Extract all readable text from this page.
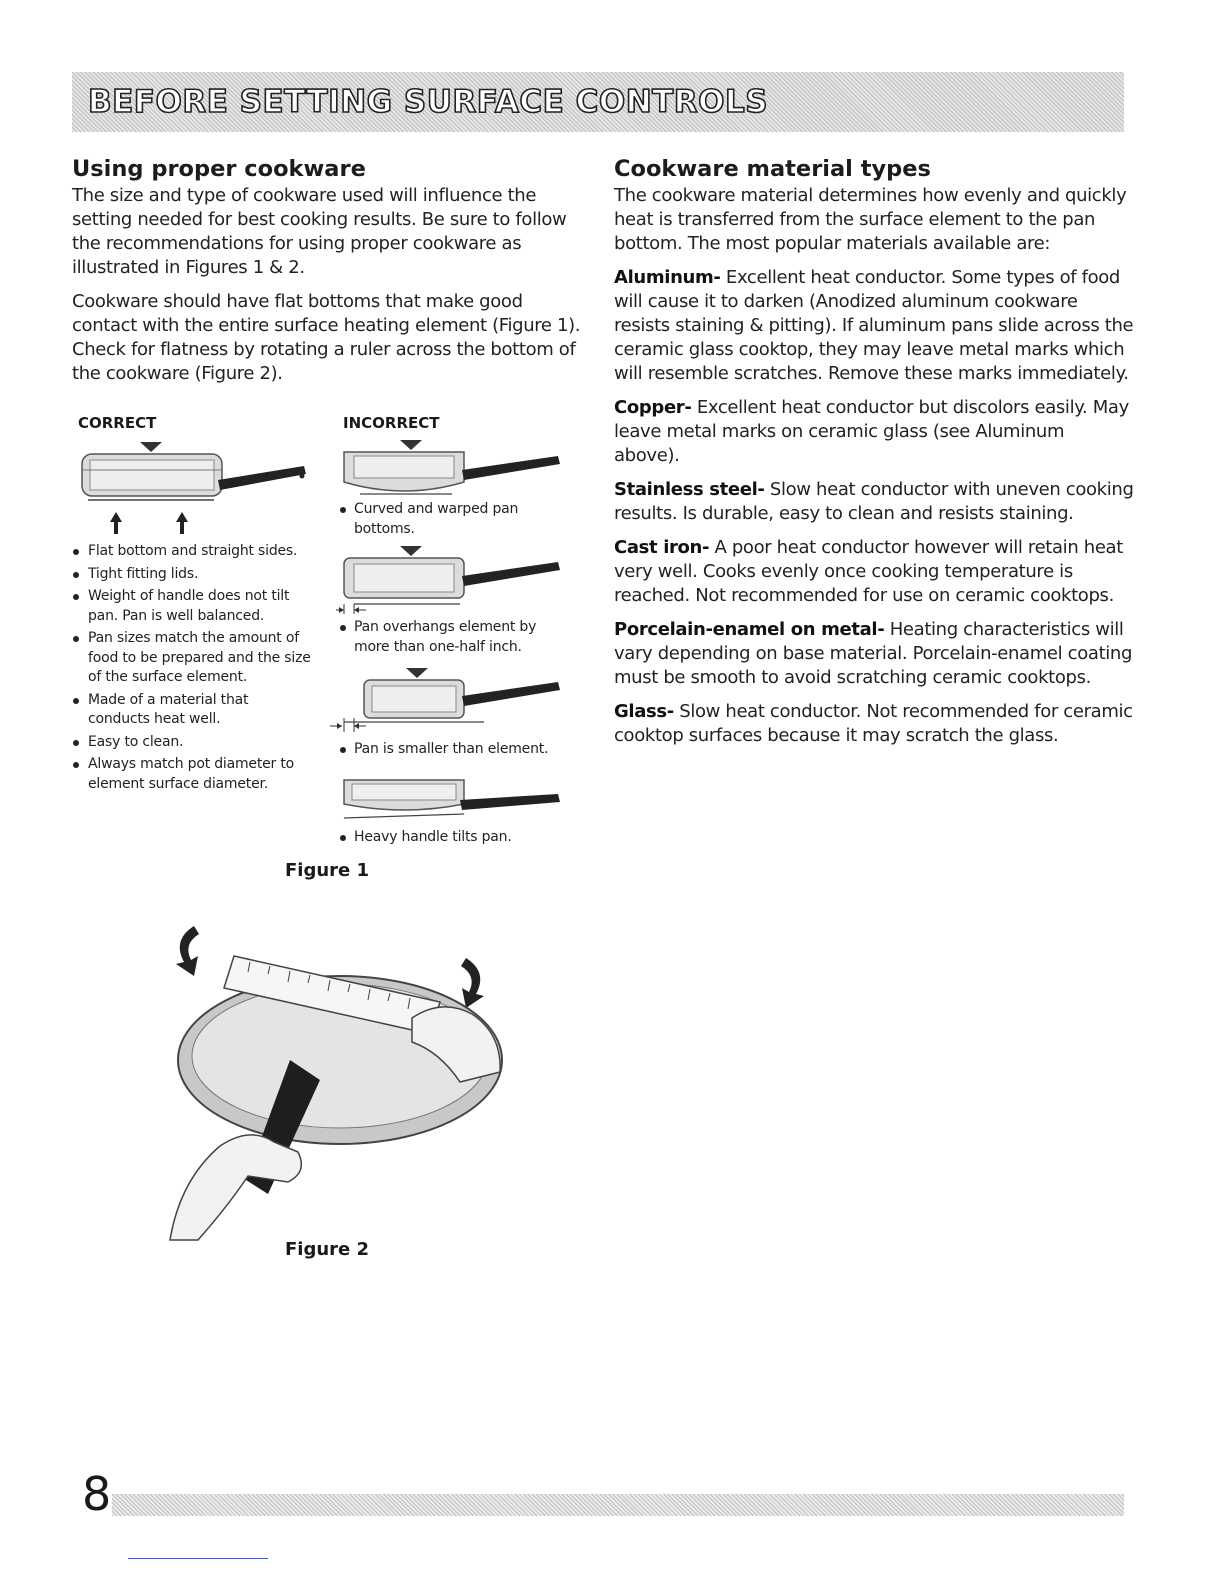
BEFORE SETTING SURFACE CONTROLS
Using proper cookware

The size and type of cookware used will influence the setting needed for best cooking results. Be sure to follow the recommendations for using proper cookware as illustrated in Figures 1 & 2.

Cookware should have flat bottoms that make good contact with the entire surface heating element (Figure 1). Check for flatness by rotating a ruler across the bottom of the cookware (Figure 2).

CORRECT	INCORRECT
Flat bottom and straight sides.
Tight fitting lids.
Weight of handle does not tilt pan. Pan is well balanced.
Pan sizes match the amount of food to be prepared and the size of the surface element.
Made of a material that conducts heat well.
Easy to clean.
Always match pot diameter to element surface diameter.
Curved and warped pan bottoms.
Pan overhangs element by more than one-half inch.
Pan is smaller than element.
Heavy handle tilts pan.
Figure 1
Figure 2
Cookware material types

The cookware material determines how evenly and quickly heat is transferred from the surface element to the pan bottom. The most popular materials available are:

Aluminum- Excellent heat conductor. Some types of food will cause it to darken (Anodized aluminum cookware resists staining & pitting). If aluminum pans slide across the ceramic glass cooktop, they may leave metal marks which will resemble scratches. Remove these marks immediately.

Copper- Excellent heat conductor but discolors easily. May leave metal marks on ceramic glass (see Aluminum above).

Stainless steel- Slow heat conductor with uneven cooking results. Is durable, easy to clean and resists staining.

Cast iron- A poor heat conductor however will retain heat very well. Cooks evenly once cooking temperature is reached. Not recommended for use on ceramic cooktops.

Porcelain-enamel on metal- Heating characteristics will vary depending on base material. Porcelain-enamel coating must be smooth to avoid scratching ceramic cooktops.

Glass- Slow heat conductor. Not recommended for ceramic cooktop surfaces because it may scratch the glass.

8
